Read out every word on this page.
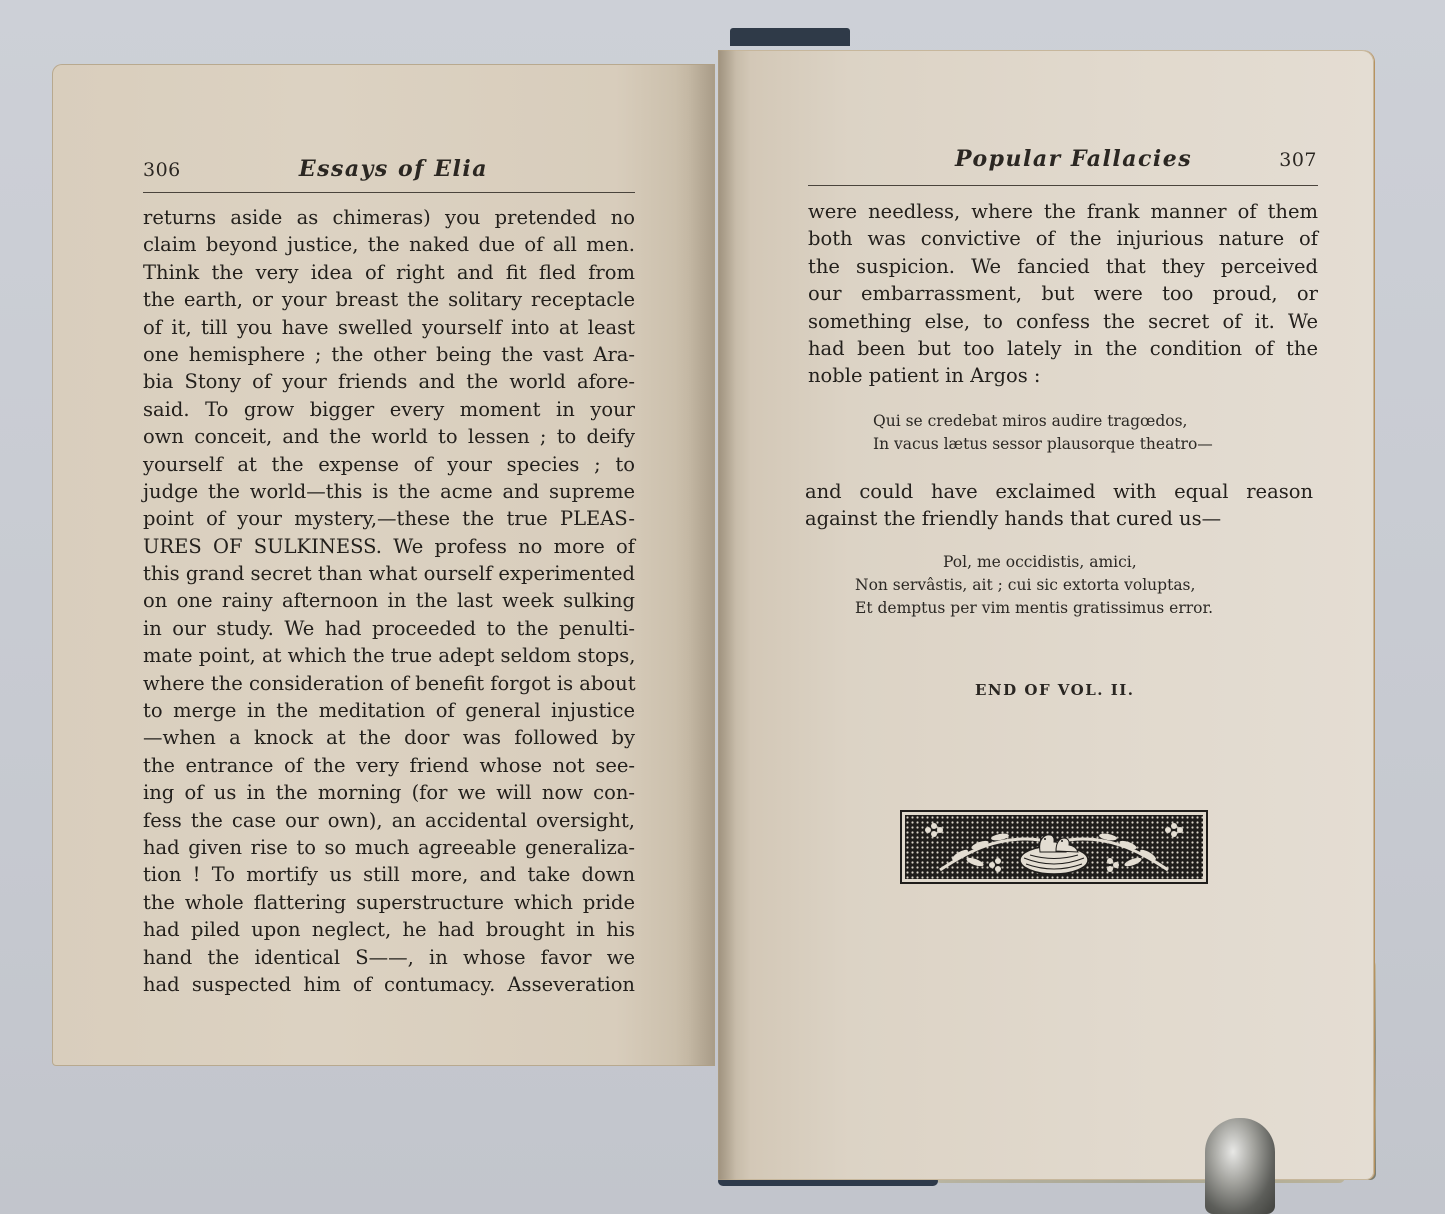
306	Essays of Elia
returns aside as chimeras) you pretended no
claim beyond justice, the naked due of all men.
Think the very idea of right and fit fled from
the earth, or your breast the solitary receptacle
of it, till you have swelled yourself into at least
one hemisphere ; the other being the vast Ara-
bia Stony of your friends and the world afore-
said. To grow bigger every moment in your
own conceit, and the world to lessen ; to deify
yourself at the expense of your species ; to
judge the world—this is the acme and supreme
point of your mystery,—these the true PLEAS-
URES OF SULKINESS. We profess no more of
this grand secret than what ourself experimented
on one rainy afternoon in the last week sulking
in our study. We had proceeded to the penulti-
mate point, at which the true adept seldom stops,
where the consideration of benefit forgot is about
to merge in the meditation of general injustice
—when a knock at the door was followed by
the entrance of the very friend whose not see-
ing of us in the morning (for we will now con-
fess the case our own), an accidental oversight,
had given rise to so much agreeable generaliza-
tion ! To mortify us still more, and take down
the whole flattering superstructure which pride
had piled upon neglect, he had brought in his
hand the identical S——, in whose favor we
had suspected him of contumacy. Asseveration
Popular Fallacies	307
were needless, where the frank manner of them
both was convictive of the injurious nature of
the suspicion. We fancied that they perceived
our embarrassment, but were too proud, or
something else, to confess the secret of it. We
had been but too lately in the condition of the
noble patient in Argos :
Qui se credebat miros audire tragœdos,
In vacus lætus sessor plausorque theatro—
and could have exclaimed with equal reason
against the friendly hands that cured us—
Pol, me occidistis, amici,
Non servâstis, ait ; cui sic extorta voluptas,
Et demptus per vim mentis gratissimus error.
END OF VOL. II.
